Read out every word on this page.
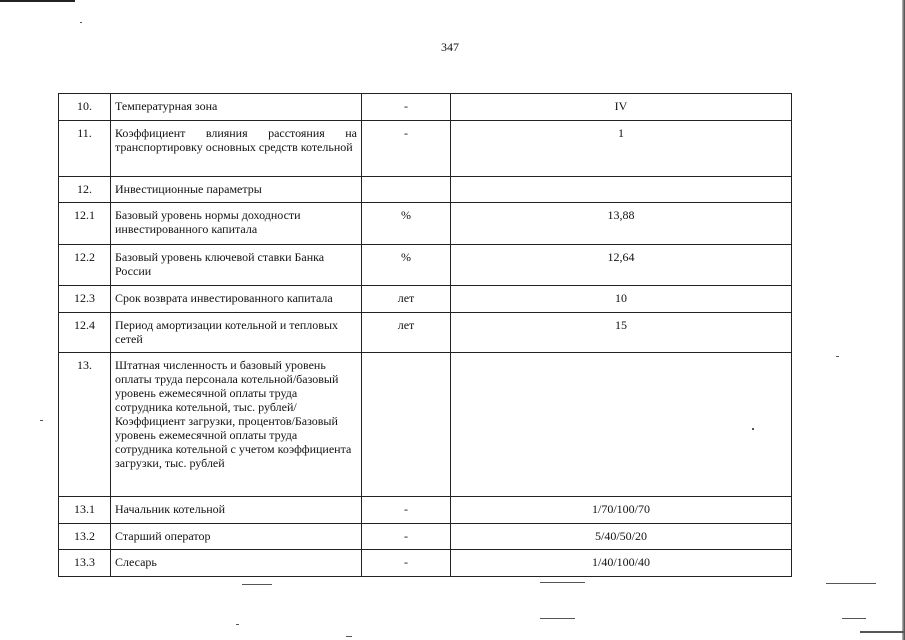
347
10.	Температурная зона	-	IV
11.	Коэффициент влияния расстояния на транспортировку основных средств котельной	-	1
12.	Инвестиционные параметры		
12.1	Базовый уровень нормы доходности инвестированного капитала	%	13,88
12.2	Базовый уровень ключевой ставки Банка России	%	12,64
12.3	Срок возврата инвестированного капитала	лет	10
12.4	Период амортизации котельной и тепловых сетей	лет	15
13.	Штатная численность и базовый уровень оплаты труда персонала котельной/базовый уровень ежемесячной оплаты труда сотрудника котельной, тыс. рублей/Коэффициент загрузки, процентов/Базовый уровень ежемесячной оплаты труда сотрудника котельной с учетом коэффициента загрузки, тыс. рублей		
13.1	Начальник котельной	-	1/70/100/70
13.2	Старший оператор	-	5/40/50/20
13.3	Слесарь	-	1/40/100/40
